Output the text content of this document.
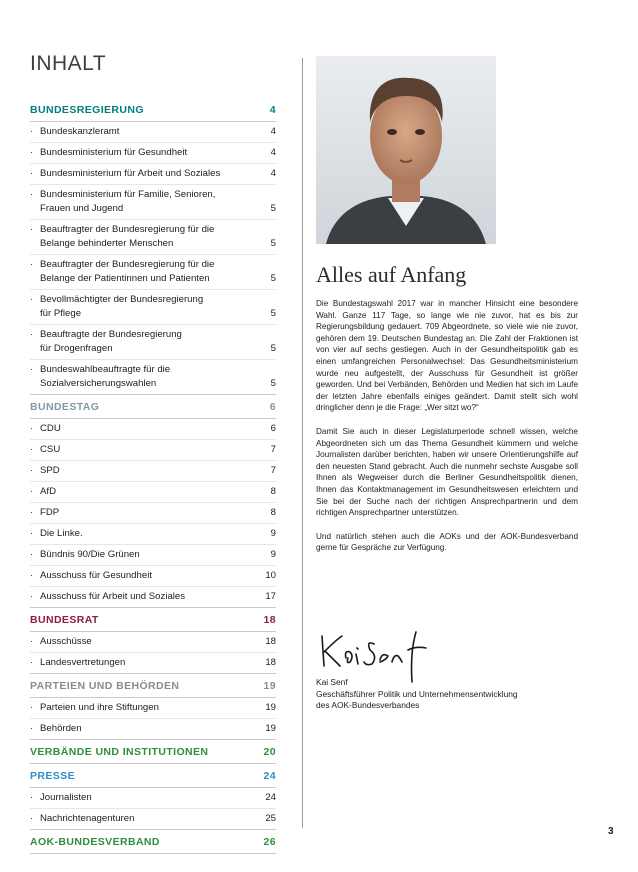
INHALT
BUNDESREGIERUNG	4
· Bundeskanzleramt	4
· Bundesministerium für Gesundheit	4
· Bundesministerium für Arbeit und Soziales	4
· Bundesministerium für Familie, Senioren,
Frauen und Jugend	5
· Beauftragter der Bundesregierung für die
Belange behinderter Menschen	5
· Beauftragter der Bundesregierung für die
Belange der Patientinnen und Patienten	5
· Bevollmächtigter der Bundesregierung
für Pflege	5
· Beauftragte der Bundesregierung
für Drogenfragen	5
· Bundeswahlbeauftragte für die
Sozialversicherungswahlen	5
BUNDESTAG	6
· CDU	6
· CSU	7
· SPD	7
· AfD	8
· FDP	8
· Die Linke.	9
· Bündnis 90/Die Grünen	9
· Ausschuss für Gesundheit	10
· Ausschuss für Arbeit und Soziales	17
BUNDESRAT	18
· Ausschüsse	18
· Landesvertretungen	18
PARTEIEN UND BEHÖRDEN	19
· Parteien und ihre Stiftungen	19
· Behörden	19
VERBÄNDE UND INSTITUTIONEN	20
PRESSE	24
· Journalisten	24
· Nachrichtenagenturen	25
AOK-BUNDESVERBAND	26
Alles auf Anfang

Die Bundestagswahl 2017 war in mancher Hinsicht eine besondere Wahl. Ganze 117 Tage, so lange wie nie zuvor, hat es bis zur Regierungsbildung gedauert. 709 Abgeordnete, so viele wie nie zuvor, gehören dem 19. Deutschen Bundestag an. Die Zahl der Fraktionen ist von vier auf sechs gestiegen. Auch in der Gesundheitspolitik gab es einen umfangreichen Personalwechsel: Das Gesundheitsministerium wurde neu aufgestellt, der Ausschuss für Gesundheit ist größer geworden. Und bei Verbänden, Behörden und Medien hat sich im Laufe der letzten Jahre ebenfalls einiges geändert. Damit stellt sich wohl dringlicher denn je die Frage: „Wer sitzt wo?“

Damit Sie auch in dieser Legislaturperiode schnell wissen, welche Abgeordneten sich um das Thema Gesundheit kümmern und welche Journalisten darüber berichten, haben wir unsere Orientierungshilfe auf den neuesten Stand gebracht. Auch die nunmehr sechste Ausgabe soll Ihnen als Wegweiser durch die Berliner Gesundheitspolitik dienen, Ihnen das Kontaktmanagement im Gesundheitswesen erleichtern und Sie bei der Suche nach der richtigen Ansprechpartnerin und dem richtigen Ansprechpartner unterstützen.

Und natürlich stehen auch die AOKs und der AOK-Bundesverband gerne für Gespräche zur Verfügung.

Kai Senf
Geschäftsführer Politik und Unternehmensentwicklung
des AOK-Bundesverbandes
3
